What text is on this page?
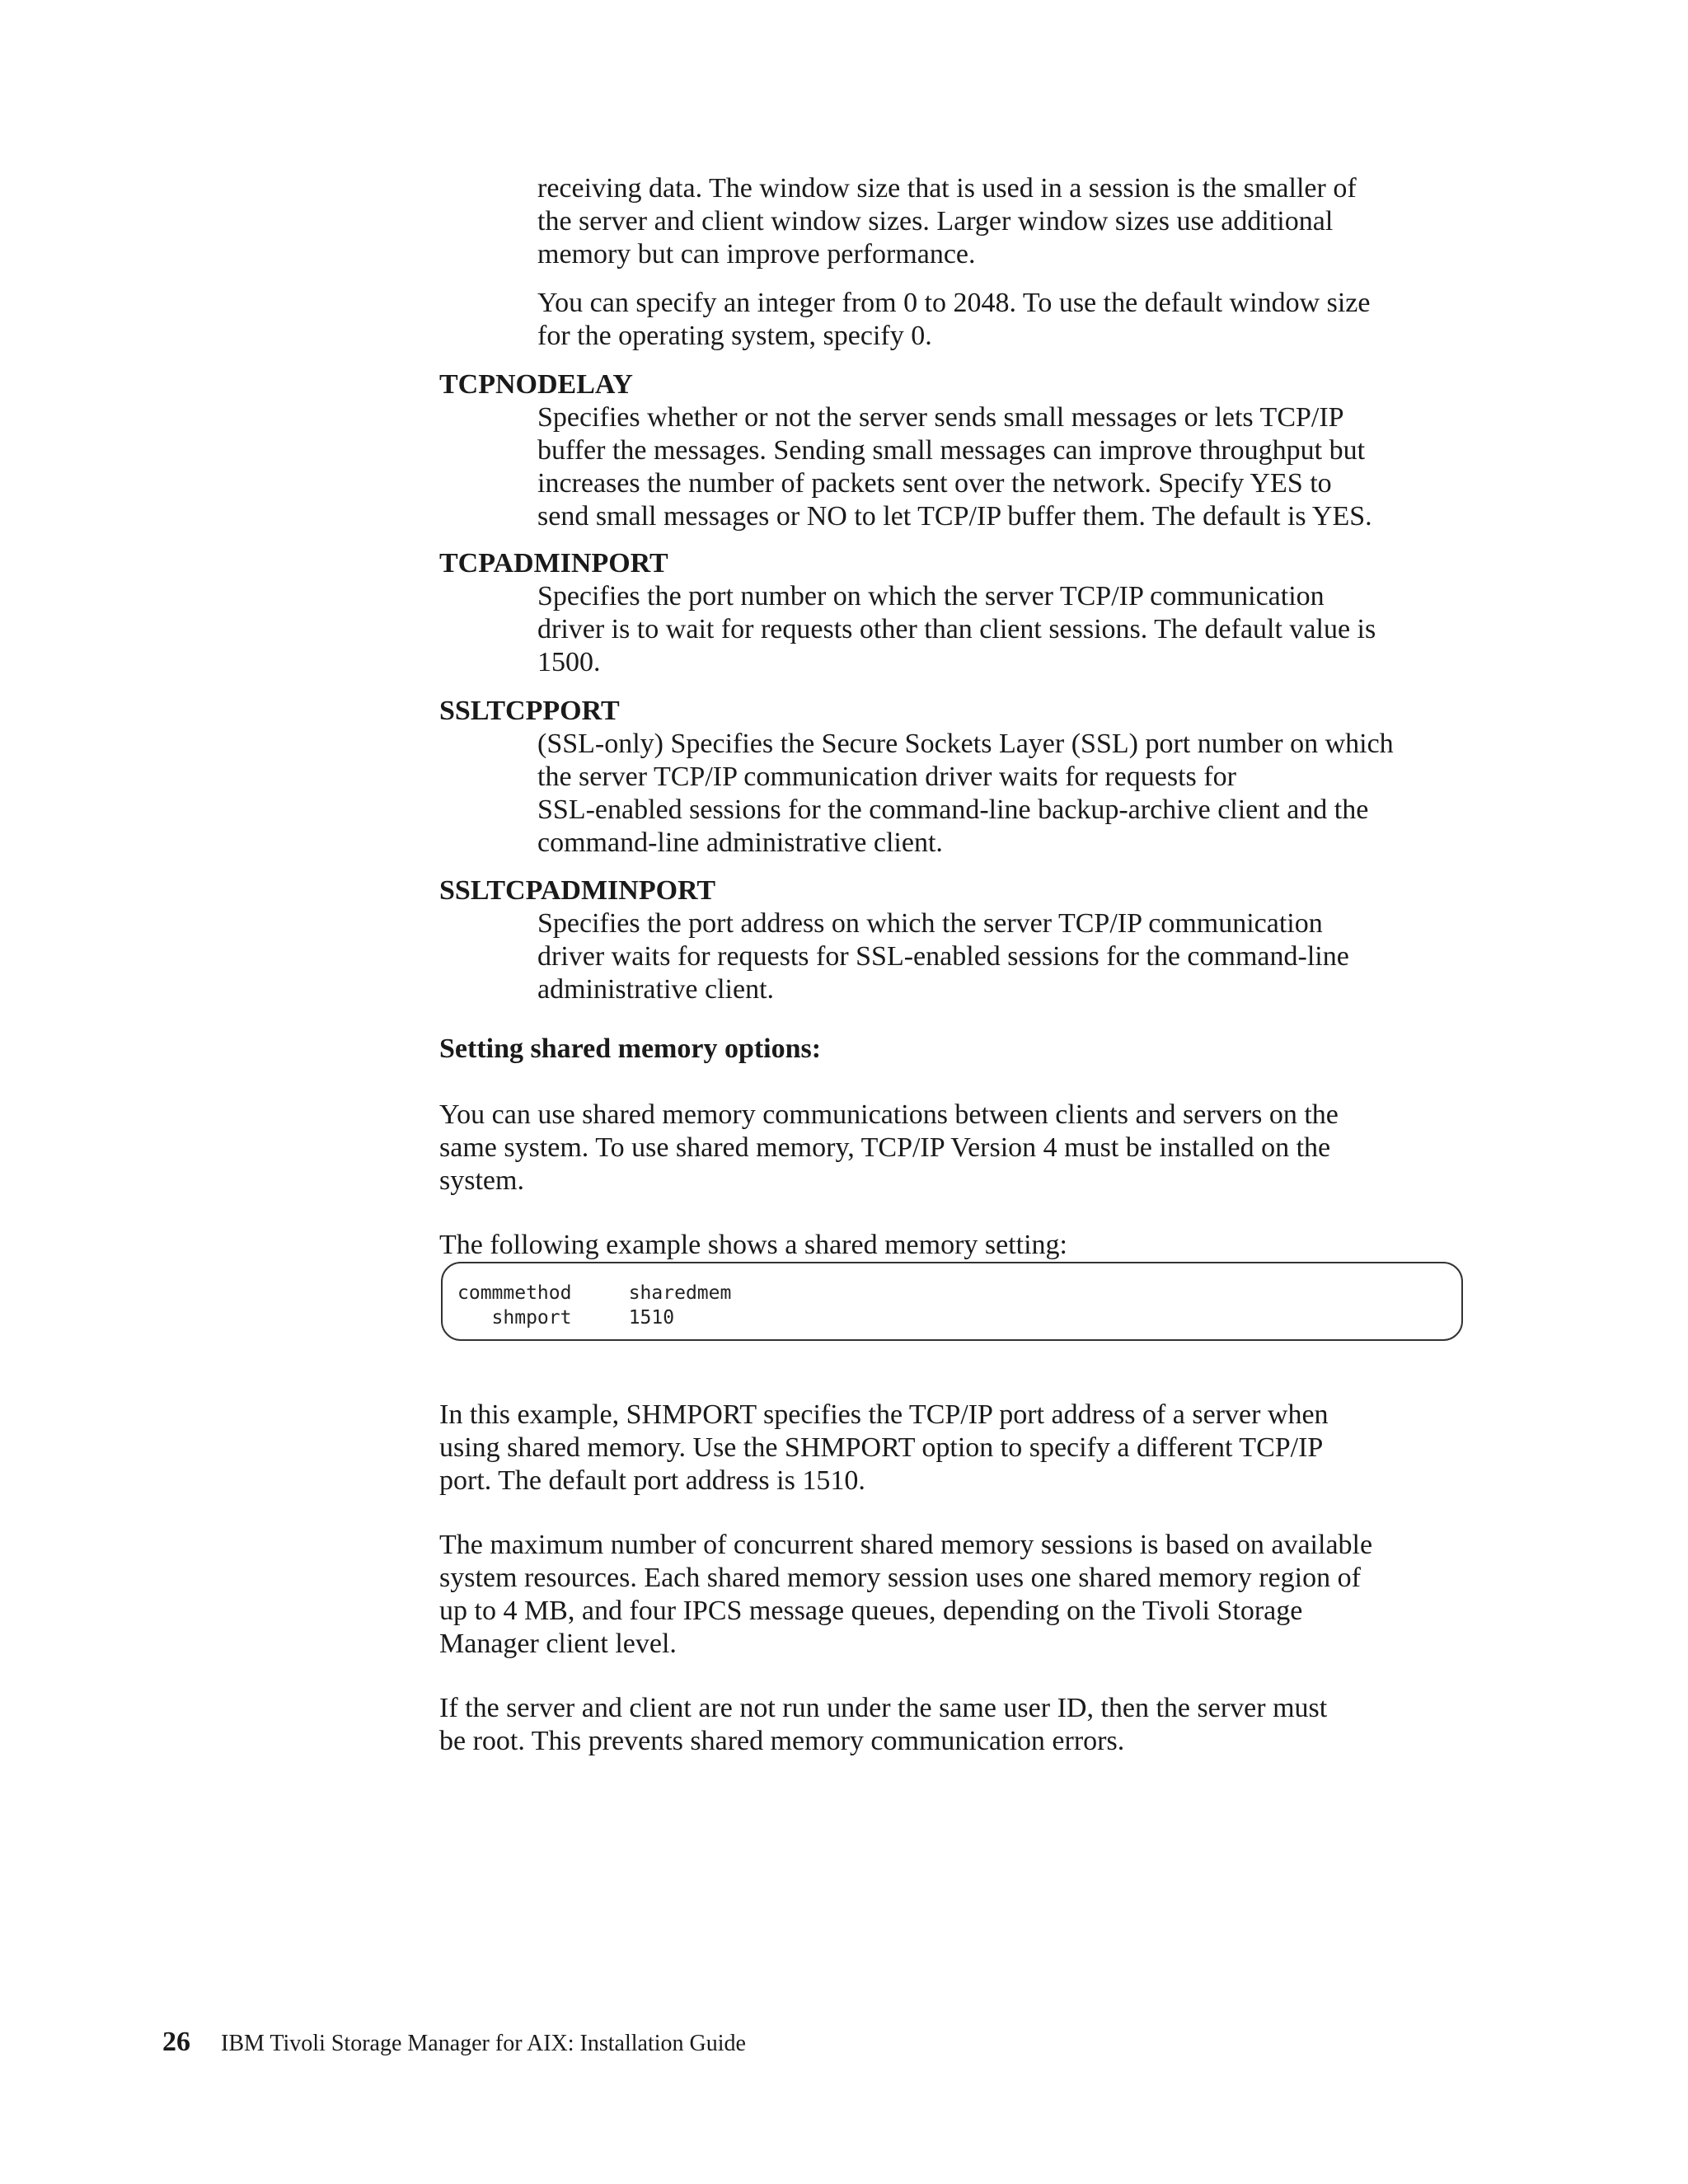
receiving data. The window size that is used in a session is the smaller of
the server and client window sizes. Larger window sizes use additional
memory but can improve performance.

You can specify an integer from 0 to 2048. To use the default window size
for the operating system, specify 0.

TCPNODELAY

Specifies whether or not the server sends small messages or lets TCP/IP
buffer the messages. Sending small messages can improve throughput but
increases the number of packets sent over the network. Specify YES to
send small messages or NO to let TCP/IP buffer them. The default is YES.

TCPADMINPORT

Specifies the port number on which the server TCP/IP communication
driver is to wait for requests other than client sessions. The default value is
1500.

SSLTCPPORT

(SSL-only) Specifies the Secure Sockets Layer (SSL) port number on which
the server TCP/IP communication driver waits for requests for
SSL-enabled sessions for the command-line backup-archive client and the
command-line administrative client.

SSLTCPADMINPORT

Specifies the port address on which the server TCP/IP communication
driver waits for requests for SSL-enabled sessions for the command-line
administrative client.

Setting shared memory options:

You can use shared memory communications between clients and servers on the
same system. To use shared memory, TCP/IP Version 4 must be installed on the
system.

The following example shows a shared memory setting:

commmethod     sharedmem
shmport     1510

In this example, SHMPORT specifies the TCP/IP port address of a server when
using shared memory. Use the SHMPORT option to specify a different TCP/IP
port. The default port address is 1510.

The maximum number of concurrent shared memory sessions is based on available
system resources. Each shared memory session uses one shared memory region of
up to 4 MB, and four IPCS message queues, depending on the Tivoli Storage
Manager client level.

If the server and client are not run under the same user ID, then the server must
be root. This prevents shared memory communication errors.

26 IBM Tivoli Storage Manager for AIX: Installation Guide
